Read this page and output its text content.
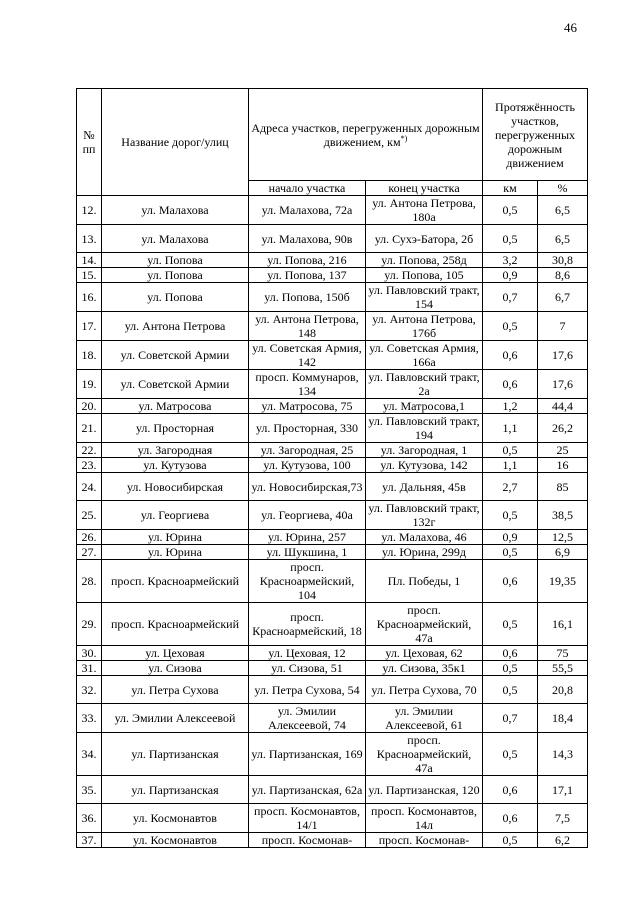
46
№ пп	Название дорог/улиц	Адреса участков, перегруженных дорожным движением, км*)		Протяжённость участков, перегруженных дорожным движением	
		начало участка	конец участка	км	%
12.	ул. Малахова	ул. Малахова, 72а	ул. Антона Петрова, 180а	0,5	6,5
13.	ул. Малахова	ул. Малахова, 90в	ул. Сухэ-Батора, 2б	0,5	6,5
14.	ул. Попова	ул. Попова, 216	ул. Попова, 258д	3,2	30,8
15.	ул. Попова	ул. Попова, 137	ул. Попова, 105	0,9	8,6
16.	ул. Попова	ул. Попова, 150б	ул. Павловский тракт, 154	0,7	6,7
17.	ул. Антона Петрова	ул. Антона Петрова, 148	ул. Антона Петрова, 176б	0,5	7
18.	ул. Советской Армии	ул. Советская Армия, 142	ул. Советская Армия, 166а	0,6	17,6
19.	ул. Советской Армии	просп. Коммунаров, 134	ул. Павловский тракт, 2а	0,6	17,6
20.	ул. Матросова	ул. Матросова, 75	ул. Матросова,1	1,2	44,4
21.	ул. Просторная	ул. Просторная, 330	ул. Павловский тракт, 194	1,1	26,2
22.	ул. Загородная	ул. Загородная, 25	ул. Загородная, 1	0,5	25
23.	ул. Кутузова	ул. Кутузова, 100	ул. Кутузова, 142	1,1	16
24.	ул. Новосибирская	ул. Новосибирская,73	ул. Дальняя, 45в	2,7	85
25.	ул. Георгиева	ул. Георгиева, 40а	ул. Павловский тракт, 132г	0,5	38,5
26.	ул. Юрина	ул. Юрина, 257	ул. Малахова, 46	0,9	12,5
27.	ул. Юрина	ул. Шукшина, 1	ул. Юрина, 299д	0,5	6,9
28.	просп. Красноармейский	просп. Красноармейский, 104	Пл. Победы, 1	0,6	19,35
29.	просп. Красноармейский	просп. Красноармейский, 18	просп. Красноармейский, 47а	0,5	16,1
30.	ул. Цеховая	ул. Цеховая, 12	ул. Цеховая, 62	0,6	75
31.	ул. Сизова	ул. Сизова, 51	ул. Сизова, 35к1	0,5	55,5
32.	ул. Петра Сухова	ул. Петра Сухова, 54	ул. Петра Сухова, 70	0,5	20,8
33.	ул. Эмилии Алексеевой	ул. Эмилии Алексеевой, 74	ул. Эмилии Алексеевой, 61	0,7	18,4
34.	ул. Партизанская	ул. Партизанская, 169	просп. Красноармейский, 47а	0,5	14,3
35.	ул. Партизанская	ул. Партизанская, 62а	ул. Партизанская, 120	0,6	17,1
36.	ул. Космонавтов	просп. Космонавтов, 14/1	просп. Космонавтов, 14л	0,6	7,5
37.	ул. Космонавтов	просп. Космонав-	просп. Космонав-	0,5	6,2
